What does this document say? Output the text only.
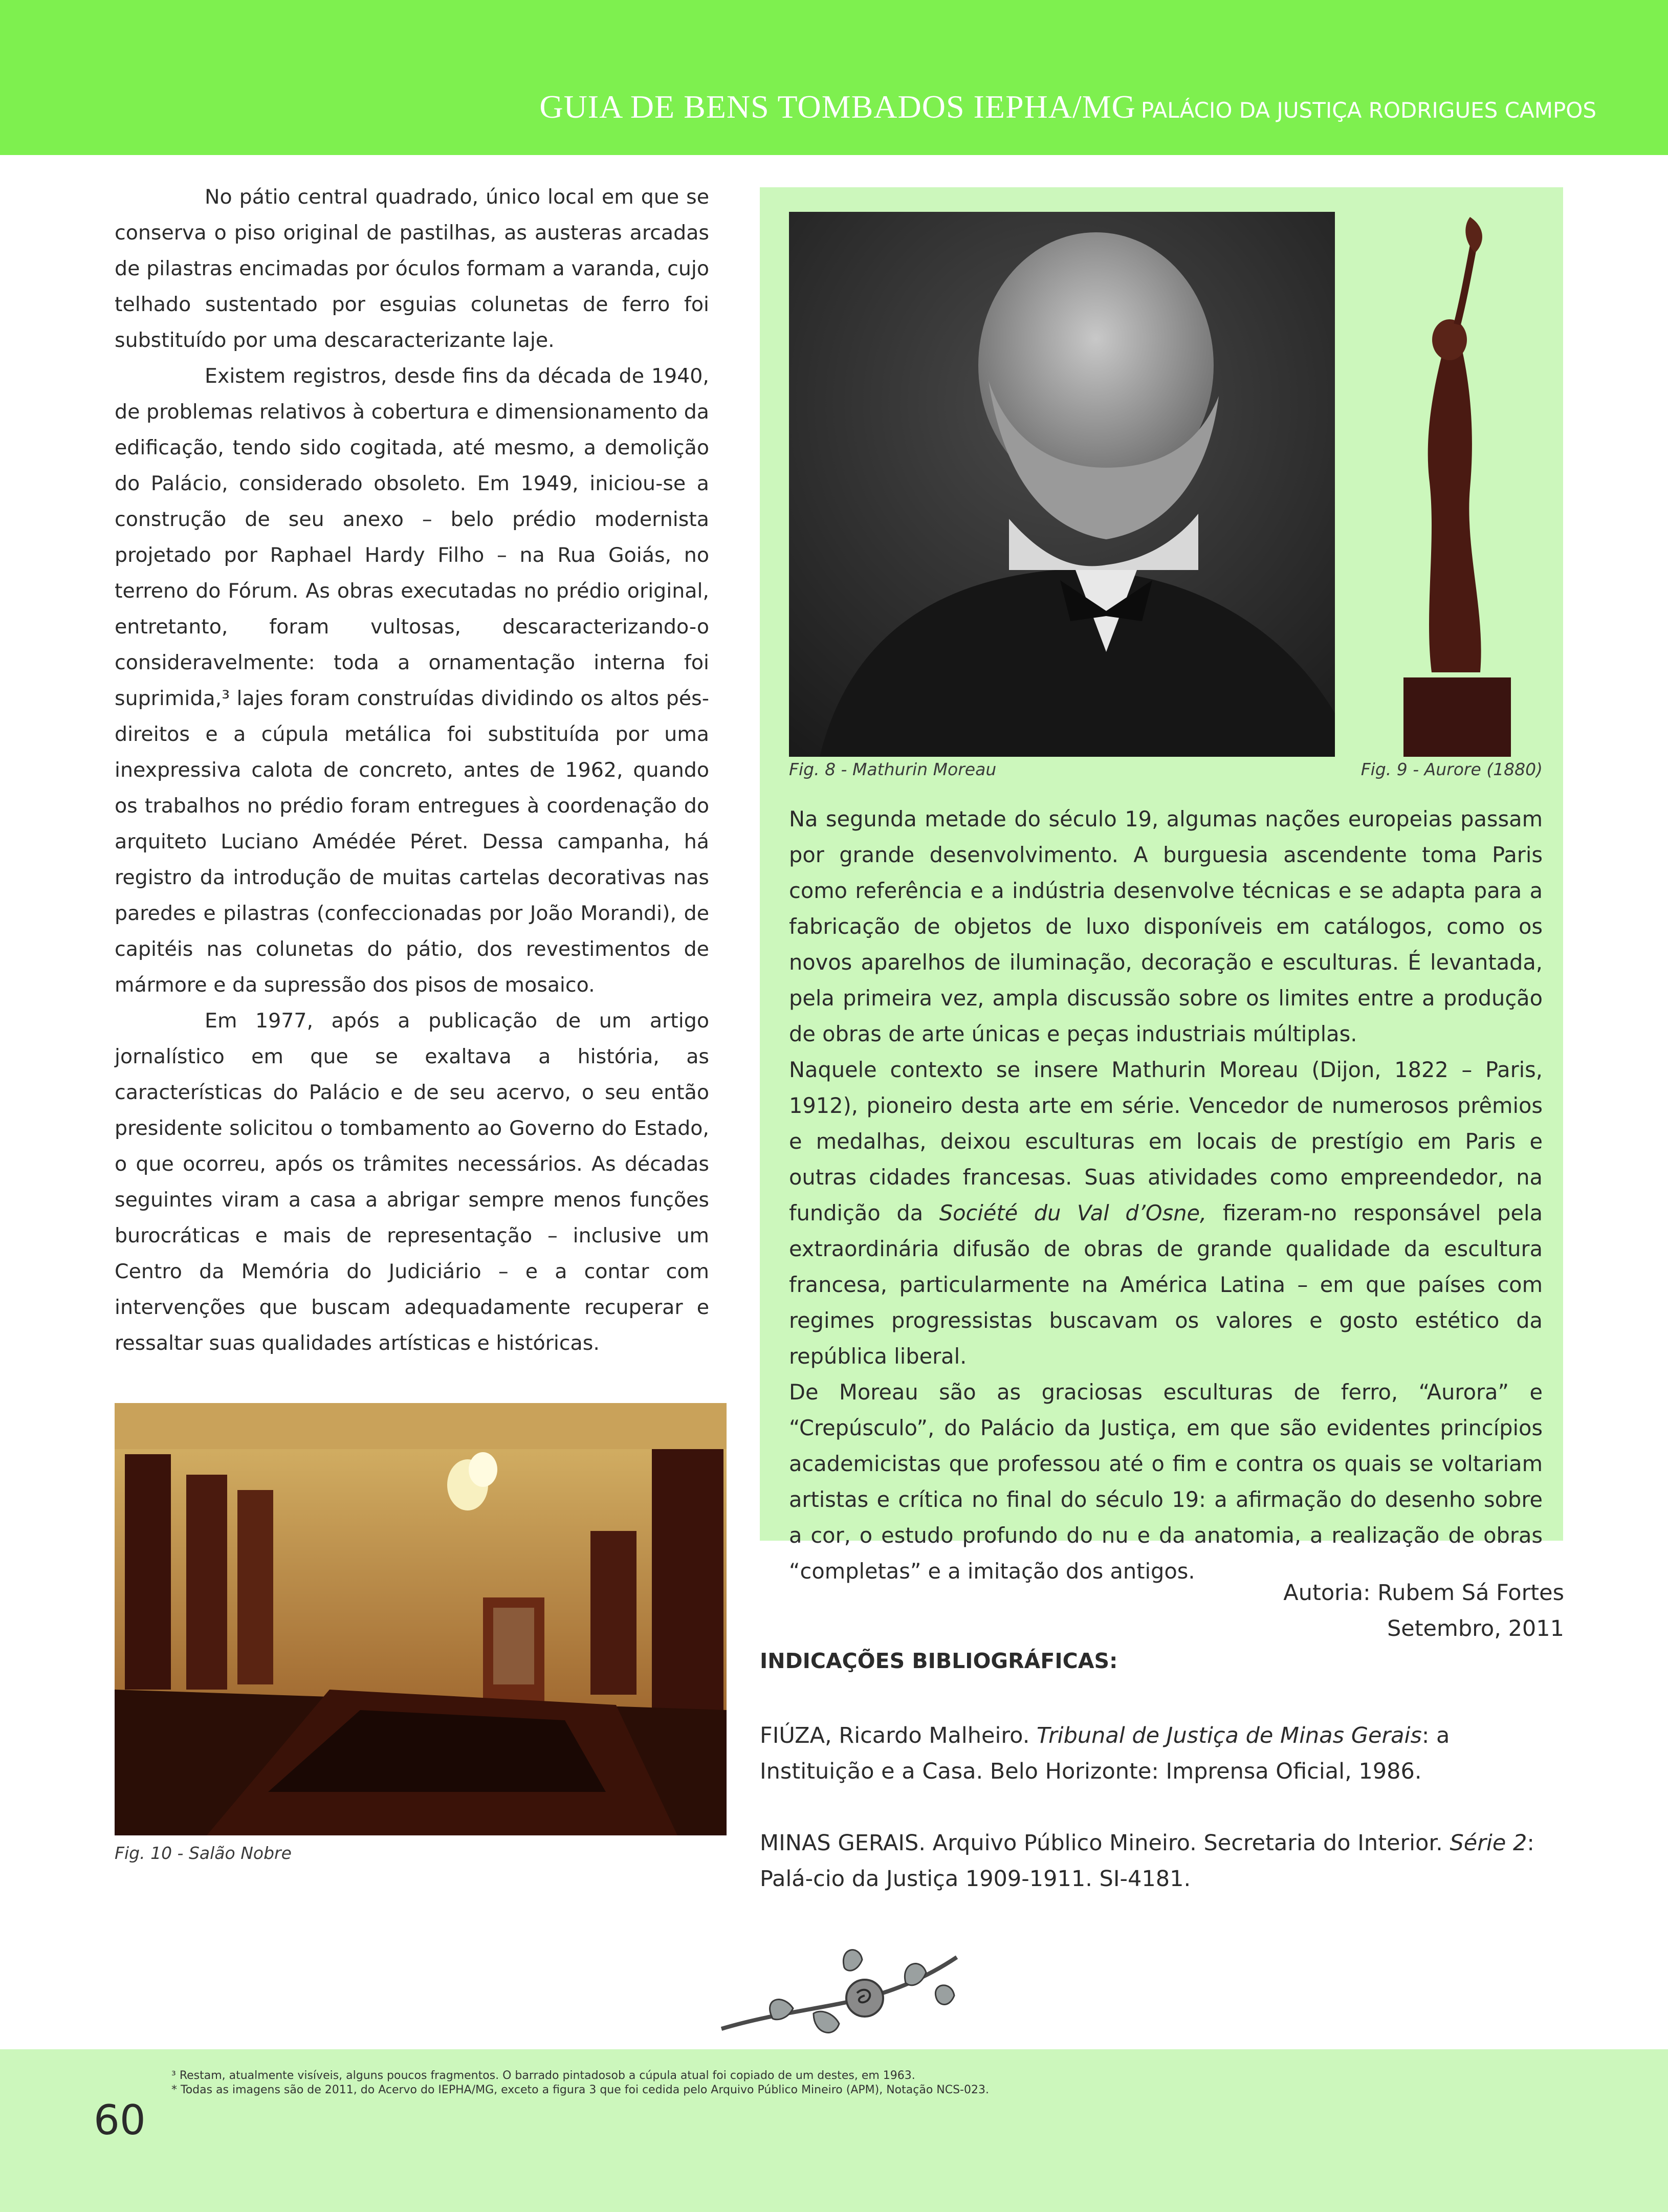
GUIA DE BENS TOMBADOS IEPHA/MG PALÁCIO DA JUSTIÇA RODRIGUES CAMPOS

No pátio central quadrado, único local em que se conserva o piso original de pastilhas, as austeras arcadas de pilastras encimadas por óculos formam a varanda, cujo telhado sustentado por esguias colunetas de ferro foi substituído por uma descaracterizante laje.

Existem registros, desde fins da década de 1940, de problemas relativos à cobertura e dimensionamento da edificação, tendo sido cogitada, até mesmo, a demolição do Palácio, considerado obsoleto. Em 1949, iniciou-se a construção de seu anexo – belo prédio modernista projetado por Raphael Hardy Filho – na Rua Goiás, no terreno do Fórum. As obras executadas no prédio original, entretanto, foram vultosas, descaracterizando-o consideravelmente: toda a ornamentação interna foi suprimida,³ lajes foram construídas dividindo os altos pés-direitos e a cúpula metálica foi substituída por uma inexpressiva calota de concreto, antes de 1962, quando os trabalhos no prédio foram entregues à coordenação do arquiteto Luciano Amédée Péret. Dessa campanha, há registro da introdução de muitas cartelas decorativas nas paredes e pilastras (confeccionadas por João Morandi), de capitéis nas colunetas do pátio, dos revestimentos de mármore e da supressão dos pisos de mosaico.

Em 1977, após a publicação de um artigo jornalístico em que se exaltava a história, as características do Palácio e de seu acervo, o seu então presidente solicitou o tombamento ao Governo do Estado, o que ocorreu, após os trâmites necessários. As décadas seguintes viram a casa a abrigar sempre menos funções burocráticas e mais de representação – inclusive um Centro da Memória do Judiciário – e a contar com intervenções que buscam adequadamente recuperar e ressaltar suas qualidades artísticas e históricas.

Fig. 8 - Mathurin Moreau	Fig. 9 - Aurore (1880)

Na segunda metade do século 19, algumas nações europeias passam por grande desenvolvimento. A burguesia ascendente toma Paris como referência e a indústria desenvolve técnicas e se adapta para a fabricação de objetos de luxo disponíveis em catálogos, como os novos aparelhos de iluminação, decoração e esculturas. É levantada, pela primeira vez, ampla discussão sobre os limites entre a produção de obras de arte únicas e peças industriais múltiplas.

Naquele contexto se insere Mathurin Moreau (Dijon, 1822 – Paris, 1912), pioneiro desta arte em série. Vencedor de numerosos prêmios e medalhas, deixou esculturas em locais de prestígio em Paris e outras cidades francesas. Suas atividades como empreendedor, na fundição da Société du Val d’Osne, fizeram-no responsável pela extraordinária difusão de obras de grande qualidade da escultura francesa, particularmente na América Latina – em que países com regimes progressistas buscavam os valores e gosto estético da república liberal.

De Moreau são as graciosas esculturas de ferro, “Aurora” e “Crepúsculo”, do Palácio da Justiça, em que são evidentes princípios academicistas que professou até o fim e contra os quais se voltariam artistas e crítica no final do século 19: a afirmação do desenho sobre a cor, o estudo profundo do nu e da anatomia, a realização de obras “completas” e a imitação dos antigos.

Fig. 10 - Salão Nobre
Autoria: Rubem Sá Fortes
Setembro, 2011
INDICAÇÕES BIBLIOGRÁFICAS:
FIÚZA, Ricardo Malheiro. Tribunal de Justiça de Minas Gerais: a Instituição e a Casa. Belo Horizonte: Imprensa Oficial, 1986.
MINAS GERAIS. Arquivo Público Mineiro. Secretaria do Interior. Série 2: Palá-cio da Justiça 1909-1911. SI-4181.
³ Restam, atualmente visíveis, alguns poucos fragmentos. O barrado pintadosob a cúpula atual foi copiado de um destes, em 1963.
* Todas as imagens são de 2011, do Acervo do IEPHA/MG, exceto a figura 3 que foi cedida pelo Arquivo Público Mineiro (APM), Notação NCS-023.
60
